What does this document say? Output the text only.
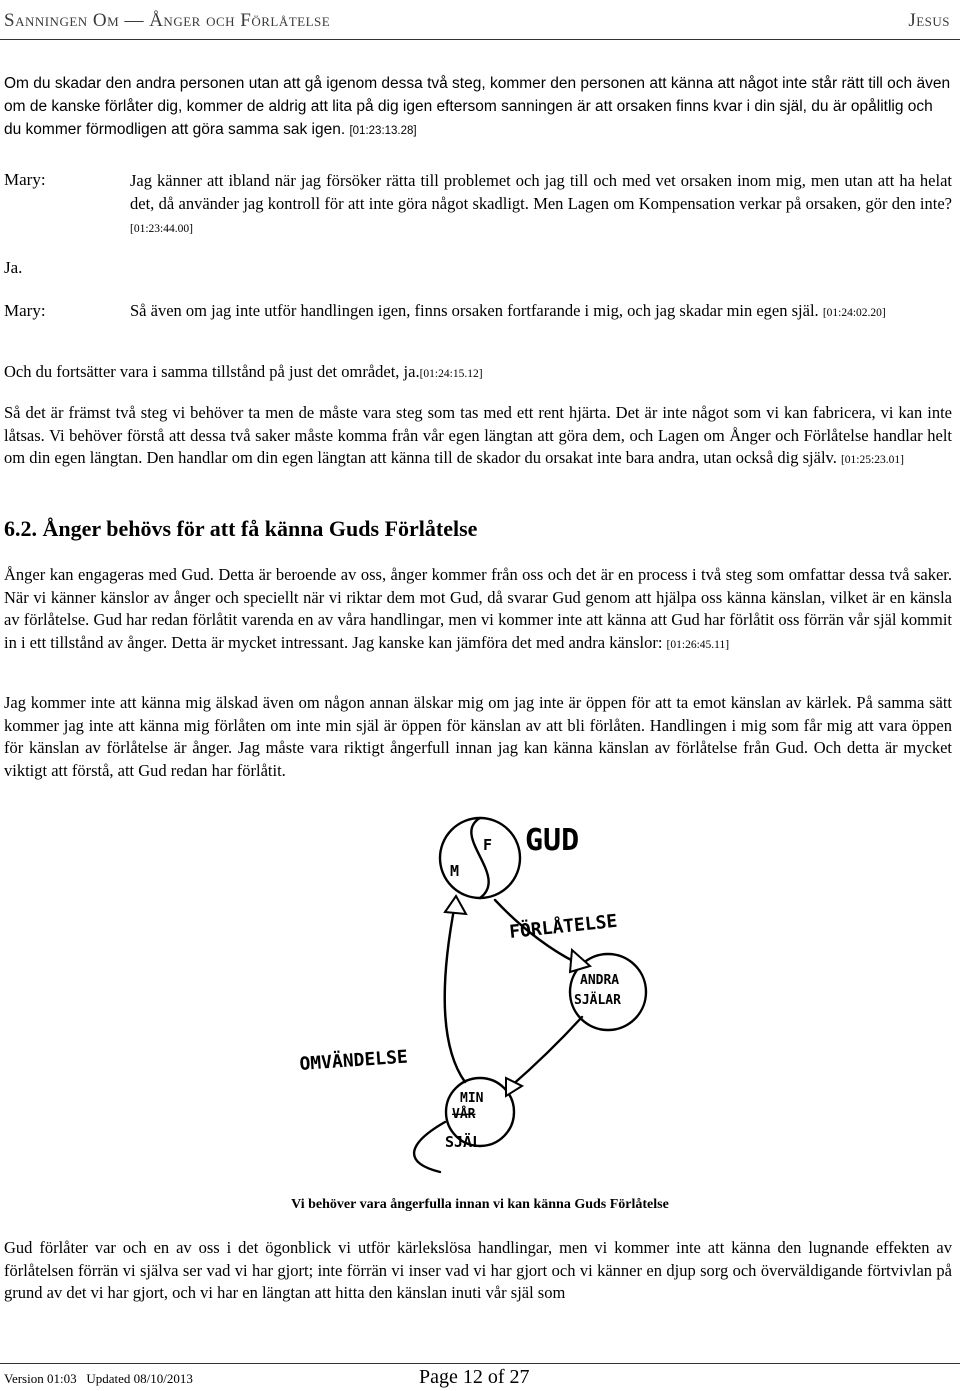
Sanningen Om — Ånger och Förlåtelse	Jesus

Om du skadar den andra personen utan att gå igenom dessa två steg, kommer den personen att känna att något inte står rätt till och även om de kanske förlåter dig, kommer de aldrig att lita på dig igen eftersom sanningen är att orsaken finns kvar i din själ, du är opålitlig och du kommer förmodligen att göra samma sak igen. [01:23:13.28]

Mary:	Jag känner att ibland när jag försöker rätta till problemet och jag till och med vet orsaken inom mig, men utan att ha helat det, då använder jag kontroll för att inte göra något skadligt. Men Lagen om Kompensation verkar på orsaken, gör den inte? [01:23:44.00]

Ja.
Mary:	Så även om jag inte utför handlingen igen, finns orsaken fortfarande i mig, och jag skadar min egen själ. [01:24:02.20]

Och du fortsätter vara i samma tillstånd på just det området, ja.[01:24:15.12]

Så det är främst två steg vi behöver ta men de måste vara steg som tas med ett rent hjärta. Det är inte något som vi kan fabricera, vi kan inte låtsas. Vi behöver förstå att dessa två saker måste komma från vår egen längtan att göra dem, och Lagen om Ånger och Förlåtelse handlar helt om din egen längtan. Den handlar om din egen längtan att känna till de skador du orsakat inte bara andra, utan också dig själv. [01:25:23.01]

6.2. Ånger behövs för att få känna Guds Förlåtelse

Ånger kan engageras med Gud. Detta är beroende av oss, ånger kommer från oss och det är en process i två steg som omfattar dessa två saker. När vi känner känslor av ånger och speciellt när vi riktar dem mot Gud, då svarar Gud genom att hjälpa oss känna känslan, vilket är en känsla av förlåtelse. Gud har redan förlåtit varenda en av våra handlingar, men vi kommer inte att känna att Gud har förlåtit oss förrän vår själ kommit in i ett tillstånd av ånger. Detta är mycket intressant. Jag kanske kan jämföra det med andra känslor: [01:26:45.11]

Jag kommer inte att känna mig älskad även om någon annan älskar mig om jag inte är öppen för att ta emot känslan av kärlek. På samma sätt kommer jag inte att känna mig förlåten om inte min själ är öppen för känslan av att bli förlåten. Handlingen i mig som får mig att vara öppen för känslan av förlåtelse är ånger. Jag måste vara riktigt ångerfull innan jag kan känna känslan av förlåtelse från Gud. Och detta är mycket viktigt att förstå, att Gud redan har förlåtit.

F
M
GUD
FÖRLÅTELSE
ANDRA
SJÄLAR
OMVÄNDELSE
MIN
VÅR
SJÄL
Vi behöver vara ångerfulla innan vi kan känna Guds Förlåtelse

Gud förlåter var och en av oss i det ögonblick vi utför kärlekslösa handlingar, men vi kommer inte att känna den lugnande effekten av förlåtelsen förrän vi själva ser vad vi har gjort; inte förrän vi inser vad vi har gjort och vi känner en djup sorg och överväldigande förtvivlan på grund av det vi har gjort, och vi har en längtan att hitta den känslan inuti vår själ som

Version 01:03 Updated 08/10/2013	Page 12 of 27
